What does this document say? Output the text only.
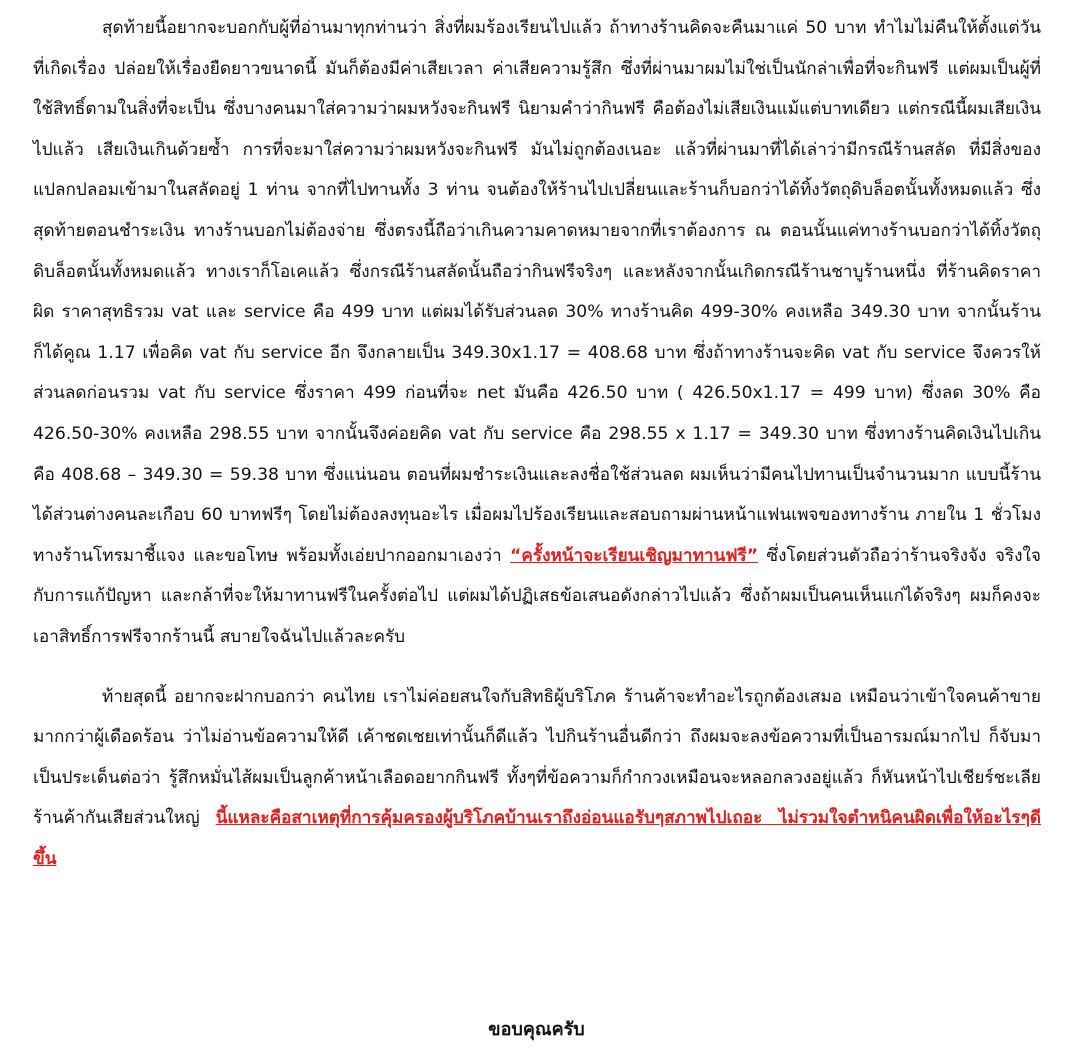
สุดท้ายนี้อยากจะบอกกับผู้ที่อ่านมาทุกท่านว่า สิ่งที่ผมร้องเรียนไปแล้ว ถ้าทางร้านคิดจะคืนมาแค่ 50 บาท ทำไมไม่คืนให้ตั้งแต่วันที่เกิดเรื่อง ปล่อยให้เรื่องยืดยาวขนาดนี้ มันก็ต้องมีค่าเสียเวลา ค่าเสียความรู้สึก ซึ่งที่ผ่านมาผมไม่ใช่เป็นนักล่าเพื่อที่จะกินฟรี แต่ผมเป็นผู้ที่ใช้สิทธิ์ตามในสิ่งที่จะเป็น ซึ่งบางคนมาใส่ความว่าผมหวังจะกินฟรี นิยามคำว่ากินฟรี คือต้องไม่เสียเงินแม้แต่บาทเดียว แต่กรณีนี้ผมเสียเงินไปแล้ว เสียเงินเกินด้วยซ้ำ การที่จะมาใส่ความว่าผมหวังจะกินฟรี มันไม่ถูกต้องเนอะ แล้วที่ผ่านมาที่ได้เล่าว่ามีกรณีร้านสลัด ที่มีสิ่งของแปลกปลอมเข้ามาในสลัดอยู่ 1 ท่าน จากที่ไปทานทั้ง 3 ท่าน จนต้องให้ร้านไปเปลี่ยนและร้านก็บอกว่าได้ทิ้งวัตถุดิบล็อตนั้นทั้งหมดแล้ว ซึ่งสุดท้ายตอนชำระเงิน ทางร้านบอกไม่ต้องจ่าย ซึ่งตรงนี้ถือว่าเกินความคาดหมายจากที่เราต้องการ ณ ตอนนั้นแค่ทางร้านบอกว่าได้ทิ้งวัตถุดิบล็อตนั้นทั้งหมดแล้ว ทางเราก็โอเคแล้ว ซึ่งกรณีร้านสลัดนั้นถือว่ากินฟรีจริงๆ และหลังจากนั้นเกิดกรณีร้านชาบูร้านหนึ่ง ที่ร้านคิดราคาผิด ราคาสุทธิรวม vat และ service คือ 499 บาท แต่ผมได้รับส่วนลด 30% ทางร้านคิด 499-30% คงเหลือ 349.30 บาท จากนั้นร้านก็ได้คูณ 1.17 เพื่อคิด vat กับ service อีก จึงกลายเป็น 349.30x1.17 = 408.68 บาท ซึ่งถ้าทางร้านจะคิด vat กับ service จึงควรให้ส่วนลดก่อนรวม vat กับ service ซึ่งราคา 499 ก่อนที่จะ net มันคือ 426.50 บาท ( 426.50x1.17 = 499 บาท) ซึ่งลด 30% คือ 426.50-30% คงเหลือ 298.55 บาท จากนั้นจึงค่อยคิด vat กับ service คือ 298.55 x 1.17 = 349.30 บาท ซึ่งทางร้านคิดเงินไปเกินคือ 408.68 – 349.30 = 59.38 บาท ซึ่งแน่นอน ตอนที่ผมชำระเงินและลงชื่อใช้ส่วนลด ผมเห็นว่ามีคนไปทานเป็นจำนวนมาก แบบนี้ร้านได้ส่วนต่างคนละเกือบ 60 บาทฟรีๆ โดยไม่ต้องลงทุนอะไร เมื่อผมไปร้องเรียนและสอบถามผ่านหน้าแฟนเพจของทางร้าน ภายใน 1 ชั่วโมงทางร้านโทรมาชี้แจง และขอโทษ พร้อมทั้งเอ่ยปากออกมาเองว่า “ครั้งหน้าจะเรียนเชิญมาทานฟรี” ซึ่งโดยส่วนตัวถือว่าร้านจริงจัง จริงใจ กับการแก้ปัญหา และกล้าที่จะให้มาทานฟรีในครั้งต่อไป แต่ผมได้ปฏิเสธข้อเสนอดังกล่าวไปแล้ว ซึ่งถ้าผมเป็นคนเห็นแก่ได้จริงๆ ผมก็คงจะเอาสิทธิ์การฟรีจากร้านนี้ สบายใจฉันไปแล้วละครับ

ท้ายสุดนี้ อยากจะฝากบอกว่า คนไทย เราไม่ค่อยสนใจกับสิทธิผู้บริโภค ร้านค้าจะทำอะไรถูกต้องเสมอ เหมือนว่าเข้าใจคนค้าขายมากกว่าผู้เดือดร้อน ว่าไม่อ่านข้อความให้ดี เค้าชดเชยเท่านั้นก็ดีแล้ว ไปกินร้านอื่นดีกว่า ถึงผมจะลงข้อความที่เป็นอารมณ์มากไป ก็จับมาเป็นประเด็นต่อว่า รู้สึกหมั่นไส้ผมเป็นลูกค้าหน้าเลือดอยากกินฟรี ทั้งๆที่ข้อความก็กำกวงเหมือนจะหลอกลวงอยู่แล้ว ก็หันหน้าไปเชียร์ชะเลียร้านค้ากันเสียส่วนใหญ่ นี้แหละคือสาเหตุที่การคุ้มครองผู้บริโภคบ้านเราถึงอ่อนแอรับๆสภาพไปเถอะ ไม่รวมใจตำหนิคนผิดเพื่อให้อะไรๆดีขึ้น

ขอบคุณครับ
